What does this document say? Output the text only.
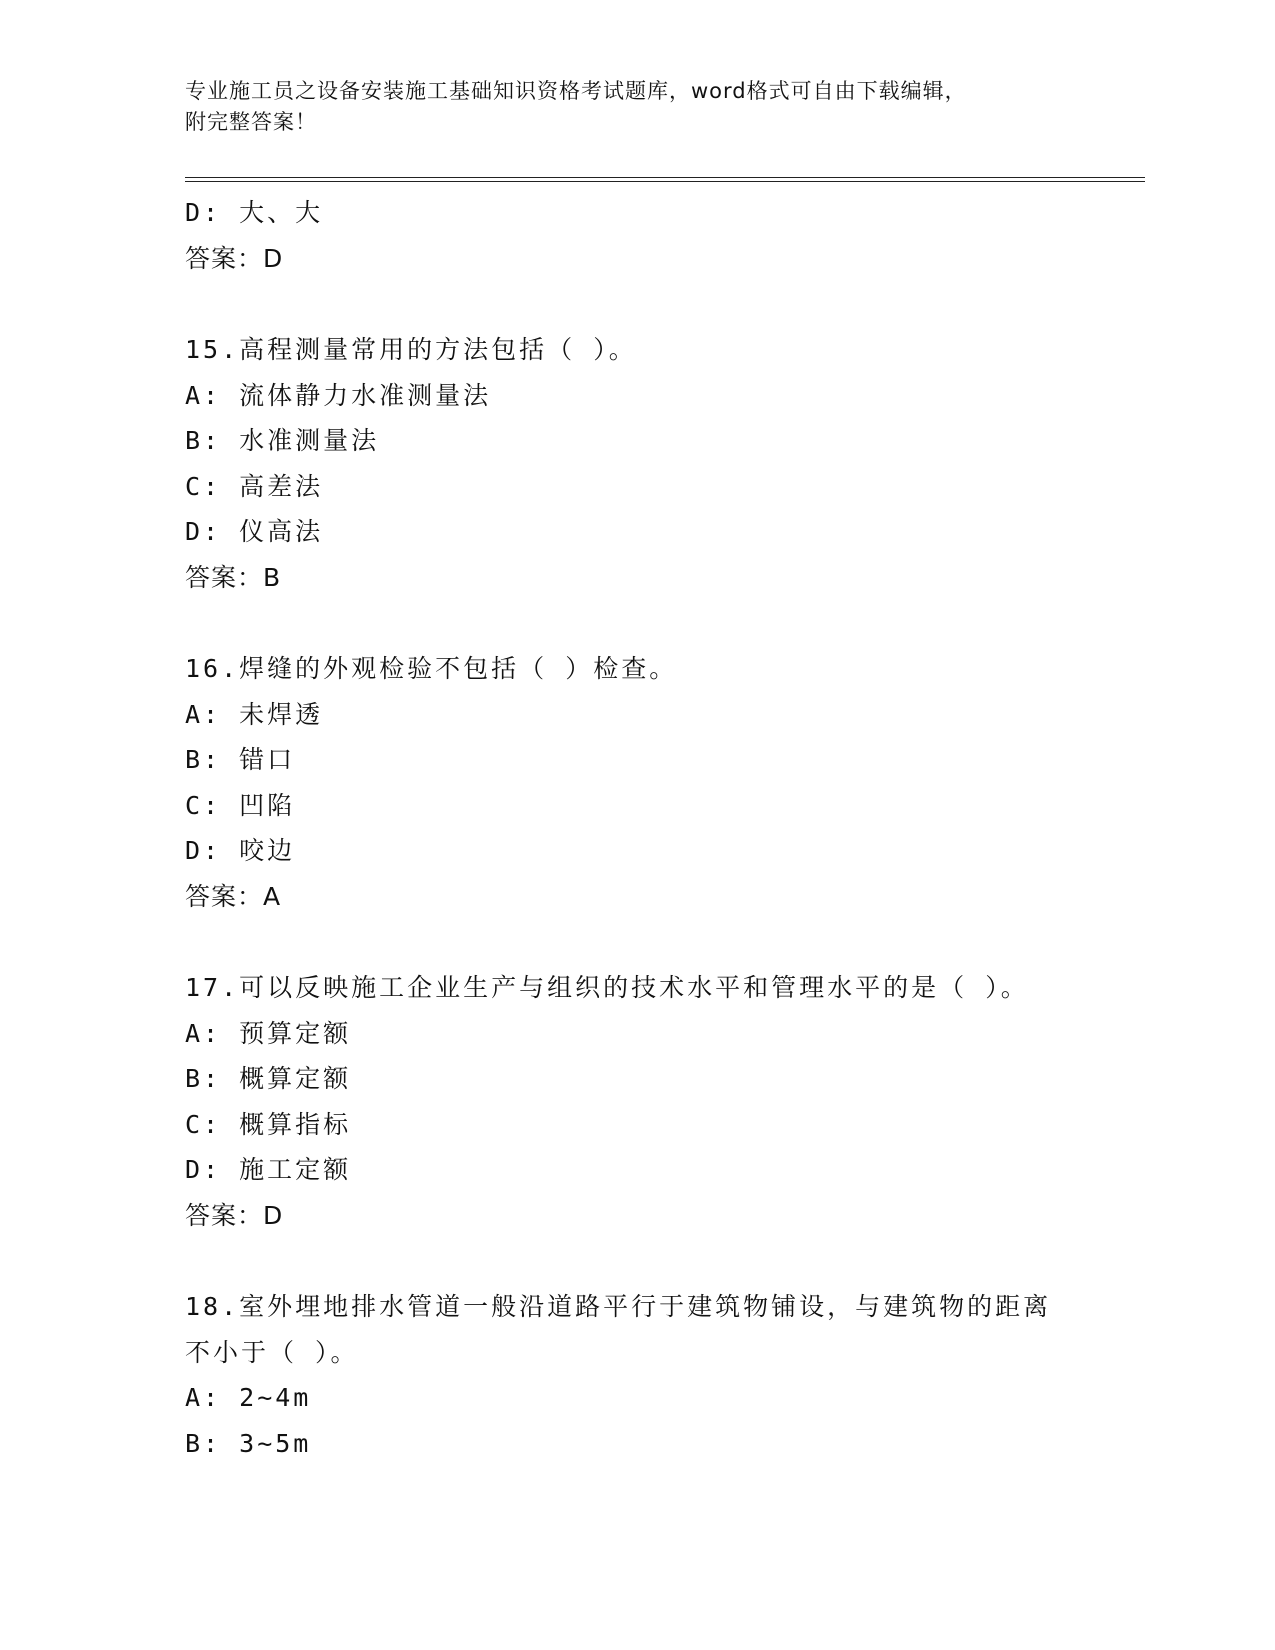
专业施工员之设备安装施工基础知识资格考试题库，word格式可自由下载编辑，
附完整答案！
D: 大、大
答案：D
15.高程测量常用的方法包括（ ）。
A: 流体静力水准测量法
B: 水准测量法
C: 高差法
D: 仪高法
答案：B
16.焊缝的外观检验不包括（ ）检查。
A: 未焊透
B: 错口
C: 凹陷
D: 咬边
答案：A
17.可以反映施工企业生产与组织的技术水平和管理水平的是（ ）。
A: 预算定额
B: 概算定额
C: 概算指标
D: 施工定额
答案：D
18.室外埋地排水管道一般沿道路平行于建筑物铺设，与建筑物的距离
不小于（ ）。
A: 2~4m
B: 3~5m
